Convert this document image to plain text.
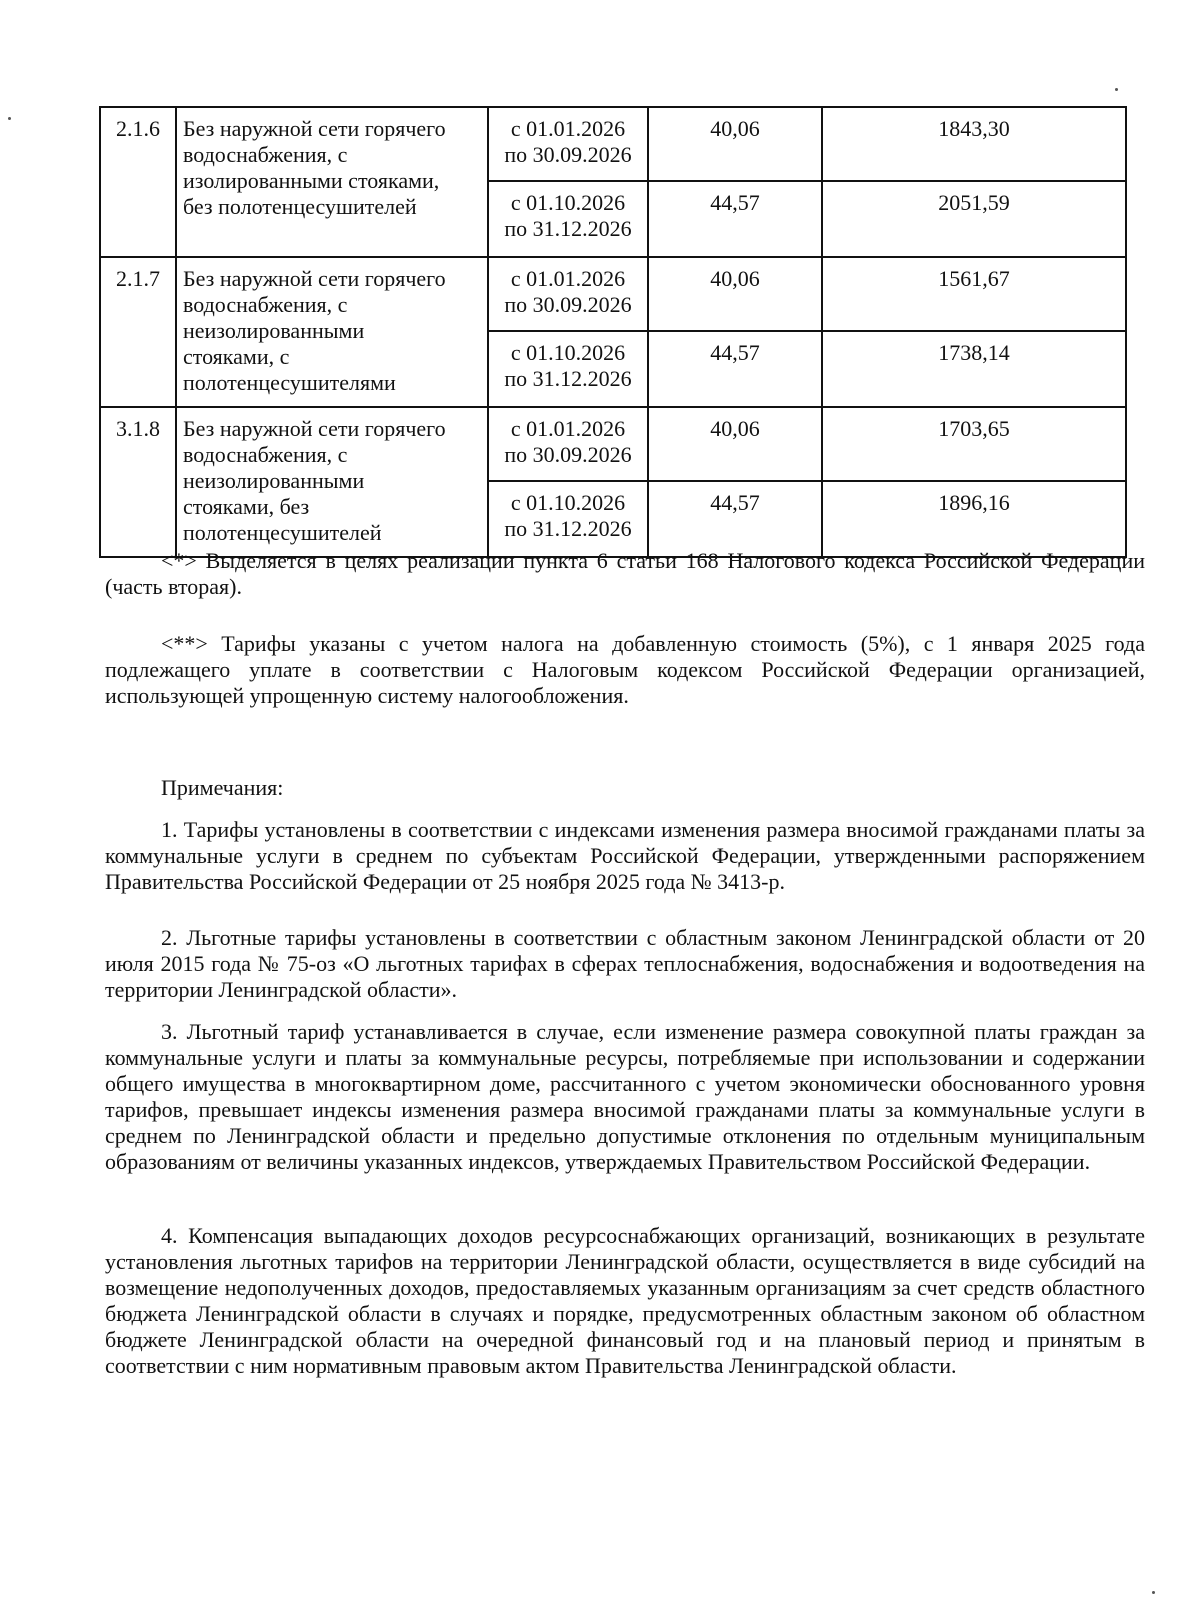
2.1.6	Без наружной сети горячего
водоснабжения, с
изолированными стояками,
без полотенцесушителей	с 01.01.2026
по 30.09.2026	40,06	1843,30

		с 01.10.2026
по 31.12.2026	44,57	2051,59
2.1.7	Без наружной сети горячего
водоснабжения, с
неизолированными
стояками, с
полотенцесушителями	с 01.01.2026
по 30.09.2026	40,06	1561,67

		с 01.10.2026
по 31.12.2026	44,57	1738,14
3.1.8	Без наружной сети горячего
водоснабжения, с
неизолированными
стояками, без
полотенцесушителей	с 01.01.2026
по 30.09.2026	40,06	1703,65

		с 01.10.2026
по 31.12.2026	44,57	1896,16

<*> Выделяется в целях реализации пункта 6 статьи 168 Налогового кодекса Российской Федерации (часть вторая).

<**> Тарифы указаны с учетом налога на добавленную стоимость (5%), с 1 января 2025 года подлежащего уплате в соответствии с Налоговым кодексом Российской Федерации организацией, использующей упрощенную систему налогообложения.

Примечания:

1. Тарифы установлены в соответствии с индексами изменения размера вносимой гражданами платы за коммунальные услуги в среднем по субъектам Российской Федерации, утвержденными распоряжением Правительства Российской Федерации от 25 ноября 2025 года № 3413-р.

2. Льготные тарифы установлены в соответствии с областным законом Ленинградской области от 20 июля 2015 года № 75-оз «О льготных тарифах в сферах теплоснабжения, водоснабжения и водоотведения на территории Ленинградской области».

3. Льготный тариф устанавливается в случае, если изменение размера совокупной платы граждан за коммунальные услуги и платы за коммунальные ресурсы, потребляемые при использовании и содержании общего имущества в многоквартирном доме, рассчитанного с учетом экономически обоснованного уровня тарифов, превышает индексы изменения размера вносимой гражданами платы за коммунальные услуги в среднем по Ленинградской области и предельно допустимые отклонения по отдельным муниципальным образованиям от величины указанных индексов, утверждаемых Правительством Российской Федерации.

4. Компенсация выпадающих доходов ресурсоснабжающих организаций, возникающих в результате установления льготных тарифов на территории Ленинградской области, осуществляется в виде субсидий на возмещение недополученных доходов, предоставляемых указанным организациям за счет средств областного бюджета Ленинградской области в случаях и порядке, предусмотренных областным законом об областном бюджете Ленинградской области на очередной финансовый год и на плановый период и принятым в соответствии с ним нормативным правовым актом Правительства Ленинградской области.
